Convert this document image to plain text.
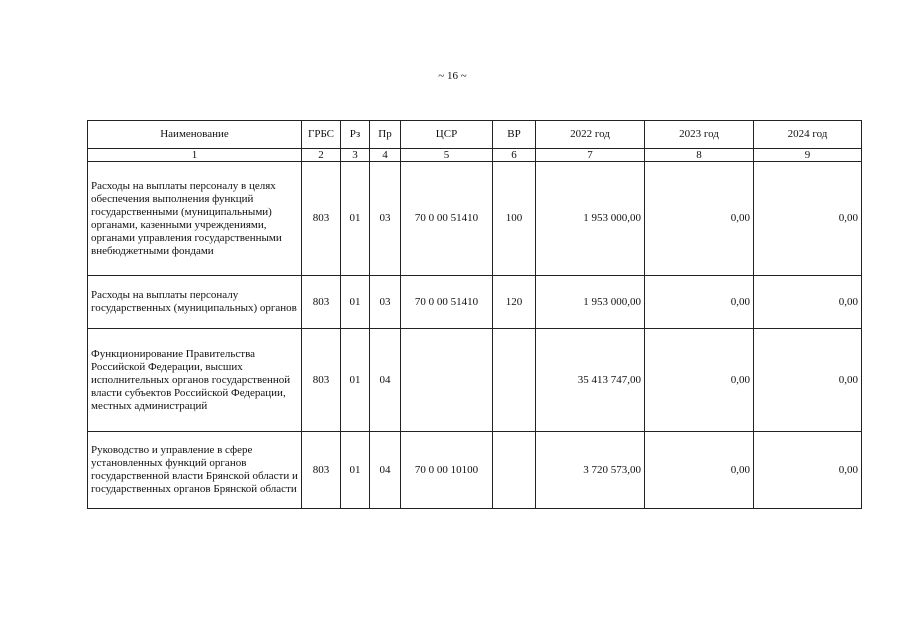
~ 16 ~
Наименование	ГРБС	Рз	Пр	ЦСР	ВР	2022 год	2023 год	2024 год
1	2	3	4	5	6	7	8	9
Расходы на выплаты персоналу в целях обеспечения выполнения функций государственными (муниципальными) органами, казенными учреждениями, органами управления государственными внебюджетными фондами	803	01	03	70 0 00 51410	100	1 953 000,00	0,00	0,00
Расходы на выплаты персоналу государственных (муниципальных) органов	803	01	03	70 0 00 51410	120	1 953 000,00	0,00	0,00
Функционирование Правительства Российской Федерации, высших исполнительных органов государственной власти субъектов Российской Федерации, местных администраций	803	01	04			35 413 747,00	0,00	0,00
Руководство и управление в сфере установленных функций органов государственной власти Брянской области и государственных органов Брянской области	803	01	04	70 0 00 10100		3 720 573,00	0,00	0,00
